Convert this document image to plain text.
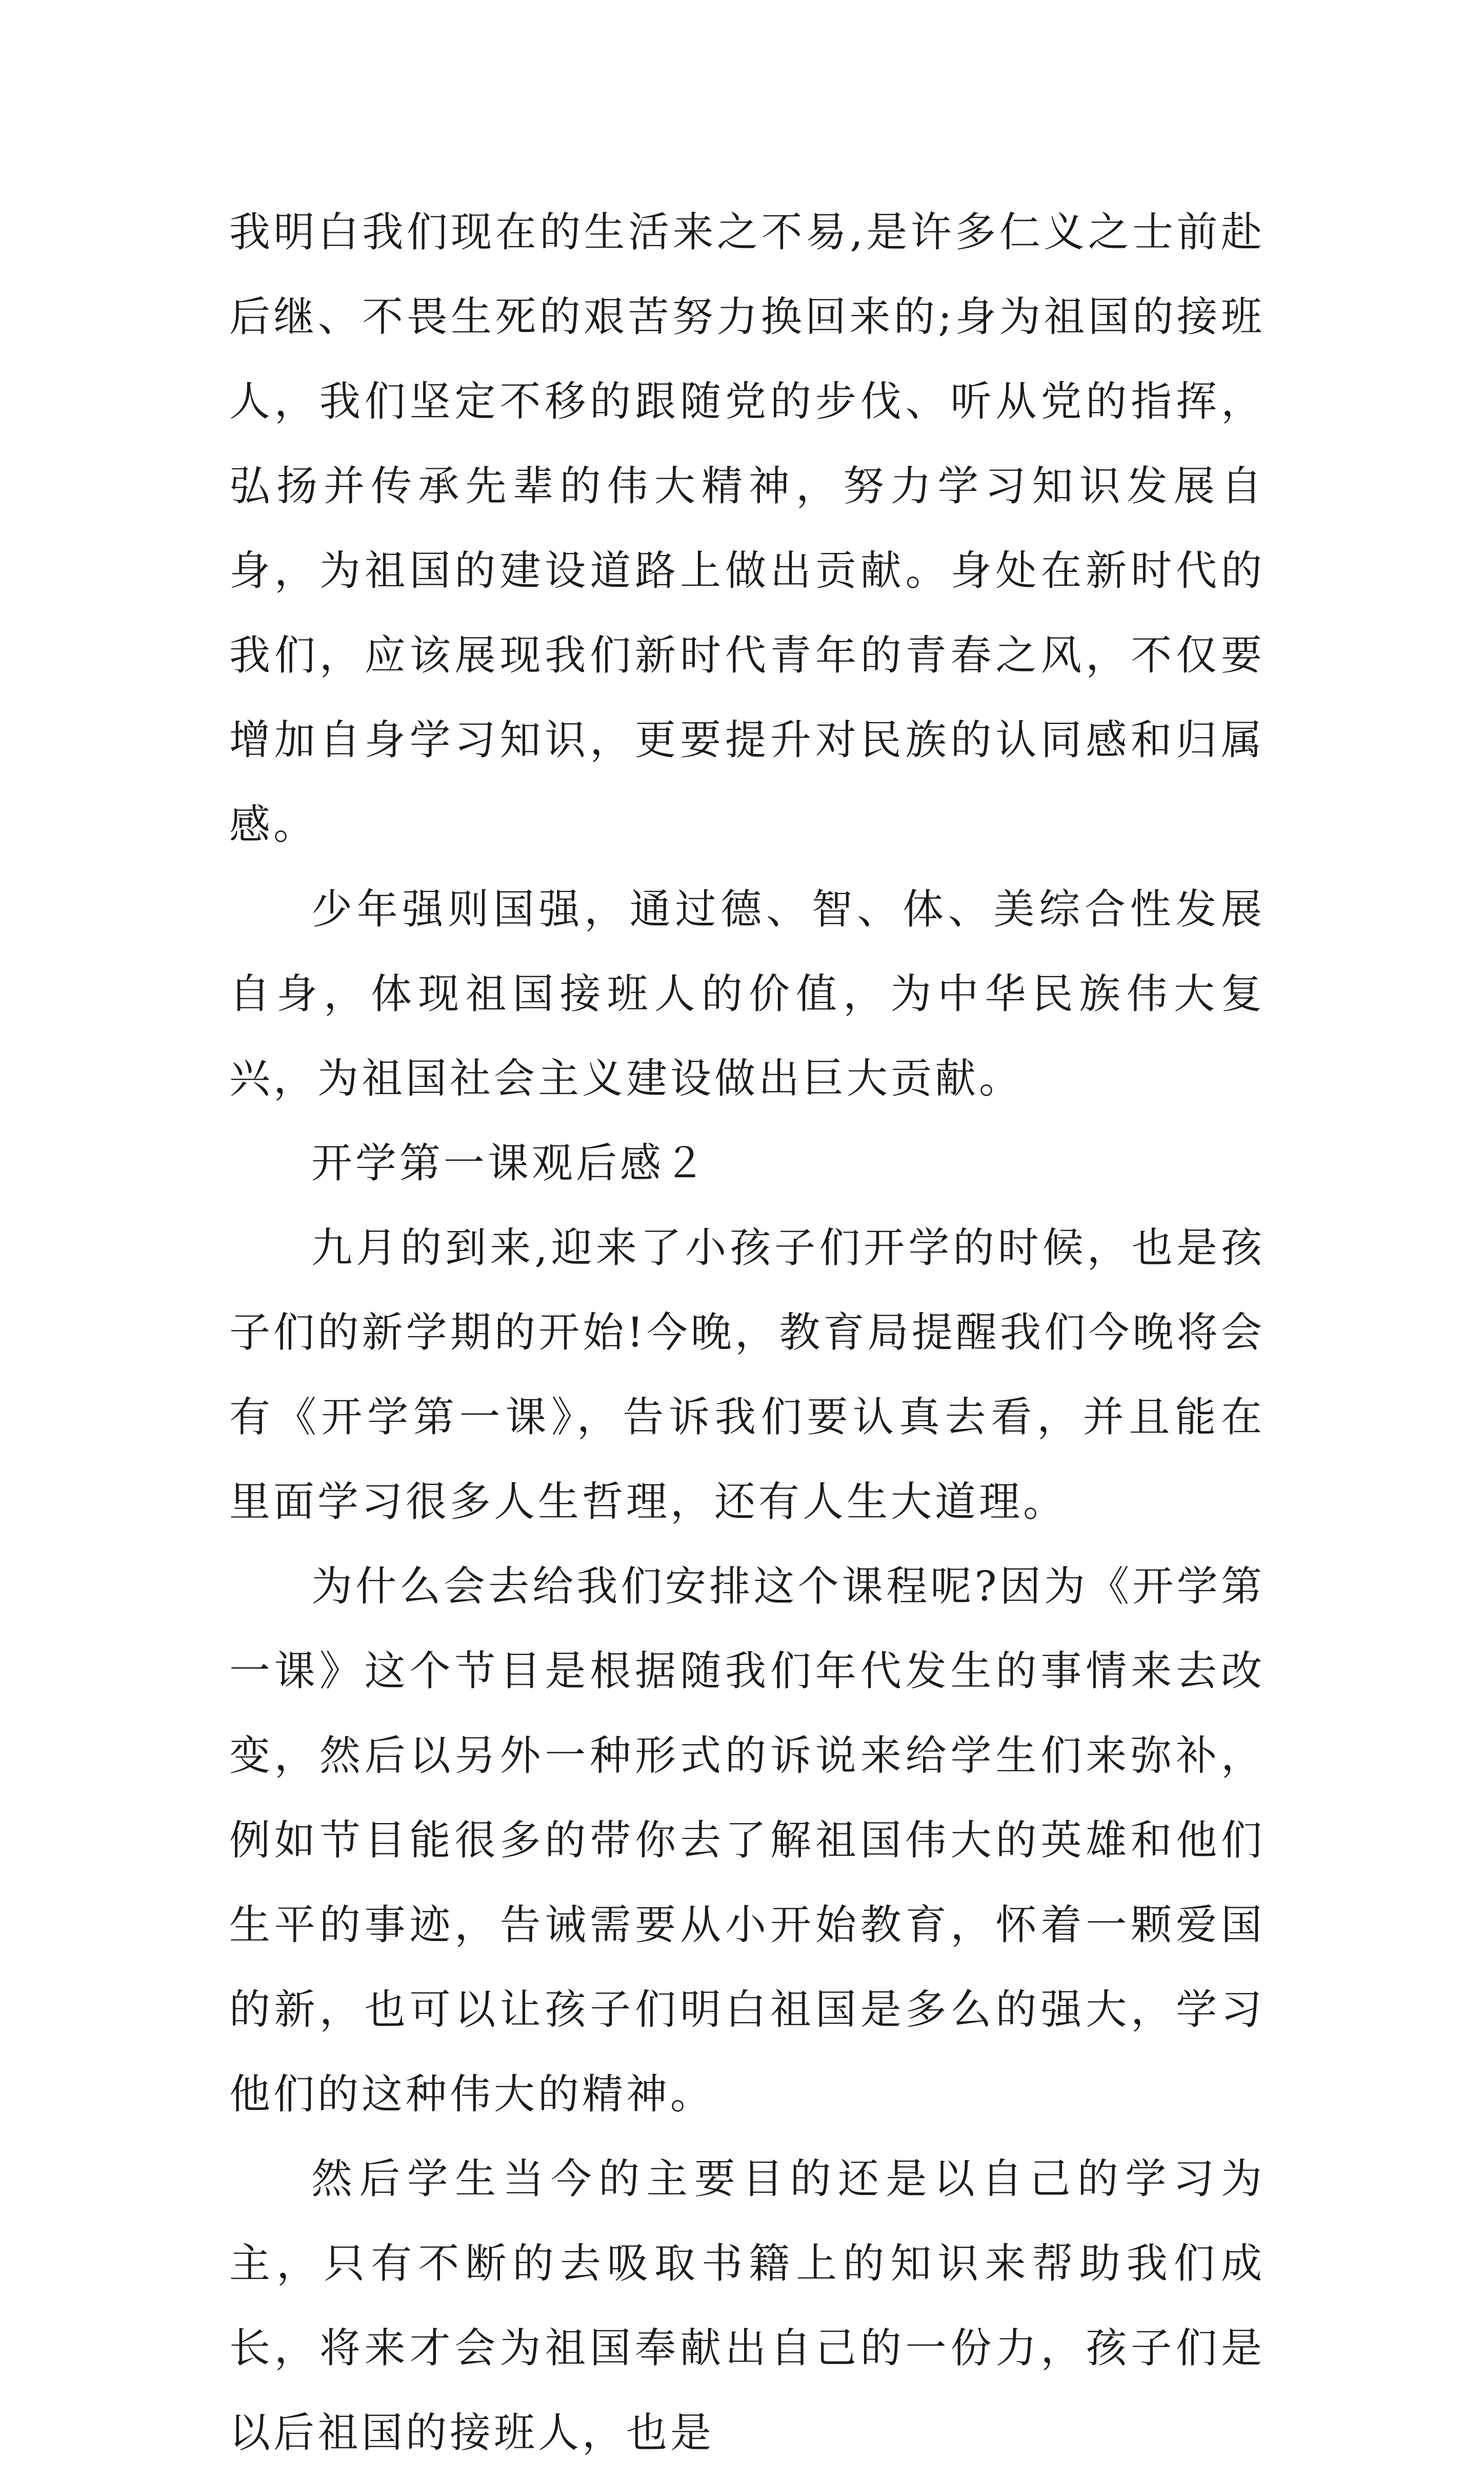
我明白我们现在的生活来之不易,是许多仁义之士前赴后继、不畏生死的艰苦努力换回来的;身为祖国的接班人，我们坚定不移的跟随党的步伐、听从党的指挥，弘扬并传承先辈的伟大精神，努力学习知识发展自身，为祖国的建设道路上做出贡献。身处在新时代的我们，应该展现我们新时代青年的青春之风，不仅要增加自身学习知识，更要提升对民族的认同感和归属感。

少年强则国强，通过德、智、体、美综合性发展自身，体现祖国接班人的价值，为中华民族伟大复兴，为祖国社会主义建设做出巨大贡献。

开学第一课观后感２

九月的到来,迎来了小孩子们开学的时候，也是孩子们的新学期的开始!今晚，教育局提醒我们今晚将会有《开学第一课》，告诉我们要认真去看，并且能在里面学习很多人生哲理，还有人生大道理。

为什么会去给我们安排这个课程呢?因为《开学第一课》这个节目是根据随我们年代发生的事情来去改变，然后以另外一种形式的诉说来给学生们来弥补，例如节目能很多的带你去了解祖国伟大的英雄和他们生平的事迹，告诫需要从小开始教育，怀着一颗爱国的新，也可以让孩子们明白祖国是多么的强大，学习他们的这种伟大的精神。

然后学生当今的主要目的还是以自己的学习为主，只有不断的去吸取书籍上的知识来帮助我们成长，将来才会为祖国奉献出自己的一份力，孩子们是以后祖国的接班人，也是
